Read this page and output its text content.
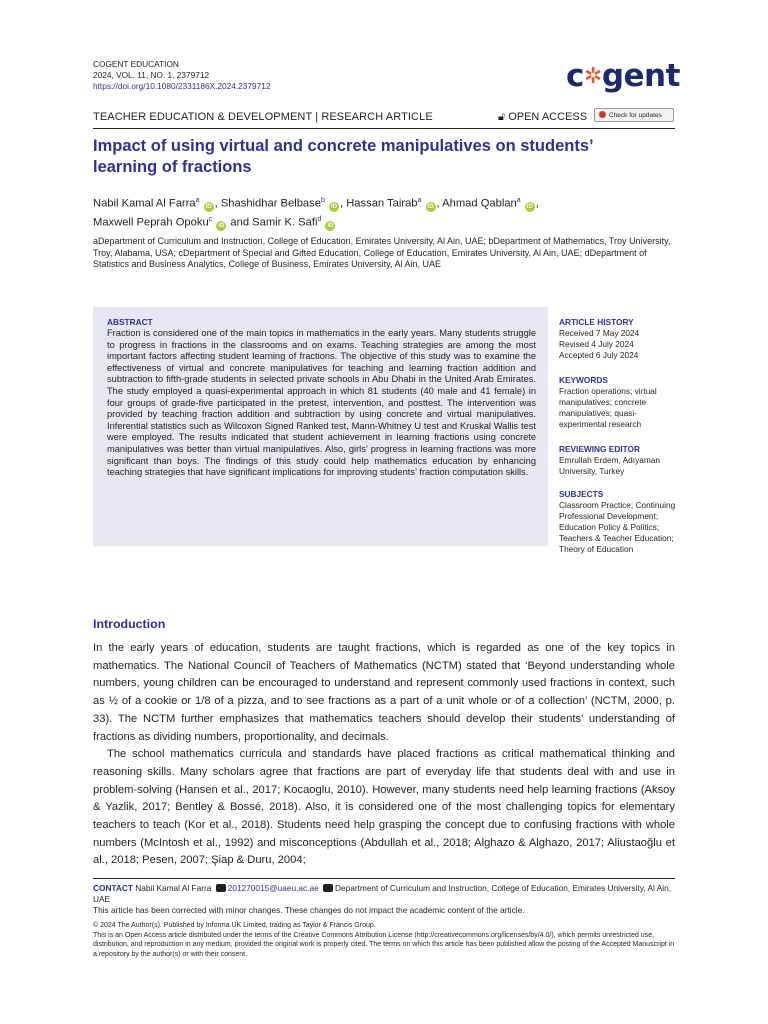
COGENT EDUCATION
2024, VOL. 11, NO. 1, 2379712
https://doi.org/10.1080/2331186X.2024.2379712	c✲gent
TEACHER EDUCATION & DEVELOPMENT | RESEARCH ARTICLE	🔓︎ OPEN ACCESS	Check for updates
Impact of using virtual and concrete manipulatives on students’ learning of fractions
Nabil Kamal Al Farra$^a$ iD , Shashidhar Belbase$^b$ iD , Hassan Tairab$^a$ iD , Ahmad Qablan$^a$ iD ,
Maxwell Peprah Opoku$^c$ iD and Samir K. Safi$^d$ iD
aDepartment of Curriculum and Instruction, College of Education, Emirates University, Al Ain, UAE; bDepartment of Mathematics, Troy University, Troy, Alabama, USA; cDepartment of Special and Gifted Education, College of Education, Emirates University, Al Ain, UAE; dDepartment of Statistics and Business Analytics, College of Business, Emirates University, Al Ain, UAE
ABSTRACT
Fraction is considered one of the main topics in mathematics in the early years. Many students struggle to progress in fractions in the classrooms and on exams. Teaching strategies are among the most important factors affecting student learning of fractions. The objective of this study was to examine the effectiveness of virtual and concrete manipulatives for teaching and learning fraction addition and subtraction to fifth-grade students in selected private schools in Abu Dhabi in the United Arab Emirates. The study employed a quasi-experimental approach in which 81 students (40 male and 41 female) in four groups of grade-five participated in the pretest, intervention, and posttest. The intervention was provided by teaching fraction addition and subtraction by using concrete and virtual manipulatives. Inferential statistics such as Wilcoxon Signed Ranked test, Mann-Whitney U test and Kruskal Wallis test were employed. The results indicated that student achievement in learning fractions using concrete manipulatives was better than virtual manipulatives. Also, girls’ progress in learning fractions was more significant than boys. The findings of this study could help mathematics education by enhancing teaching strategies that have significant implications for improving students’ fraction computation skills.
ARTICLE HISTORY
Received 7 May 2024
Revised 4 July 2024
Accepted 6 July 2024
KEYWORDS
Fraction operations; virtual manipulatives; concrete manipulatives; quasi-experimental research
REVIEWING EDITOR
Emrullah Erdem, Adıyaman University, Turkey
SUBJECTS
Classroom Practice; Continuing Professional Development; Education Policy & Politics; Teachers & Teacher Education; Theory of Education
Introduction

In the early years of education, students are taught fractions, which is regarded as one of the key topics in mathematics. The National Council of Teachers of Mathematics (NCTM) stated that ‘Beyond understanding whole numbers, young children can be encouraged to understand and represent commonly used fractions in context, such as ½ of a cookie or 1/8 of a pizza, and to see fractions as a part of a unit whole or of a collection’ (NCTM, 2000, p. 33). The NCTM further emphasizes that mathematics teachers should develop their students’ understanding of fractions as dividing numbers, proportionality, and decimals.

The school mathematics curricula and standards have placed fractions as critical mathematical thinking and reasoning skills. Many scholars agree that fractions are part of everyday life that students deal with and use in problem-solving (Hansen et al., 2017; Kocaoglu, 2010). However, many students need help learning fractions (Aksoy & Yazlik, 2017; Bentley & Bossé, 2018). Also, it is considered one of the most challenging topics for elementary teachers to teach (Kor et al., 2018). Students need help grasping the concept due to confusing fractions with whole numbers (McIntosh et al., 1992) and misconceptions (Abdullah et al., 2018; Alghazo & Alghazo, 2017; Aliustaoğlu et al., 2018; Pesen, 2007; Şiap & Duru, 2004;

CONTACT Nabil Kamal Al Farra 201270015@uaeu.ac.ae Department of Curriculum and Instruction, College of Education, Emirates University, Al Ain, UAE
This article has been corrected with minor changes. These changes do not impact the academic content of the article.
© 2024 The Author(s). Published by Informa UK Limited, trading as Taylor & Francis Group.
This is an Open Access article distributed under the terms of the Creative Commons Attribution License (http://creativecommons.org/licenses/by/4.0/), which permits unrestricted use, distribution, and reproduction in any medium, provided the original work is properly cited. The terms on which this article has been published allow the posting of the Accepted Manuscript in a repository by the author(s) or with their consent.
